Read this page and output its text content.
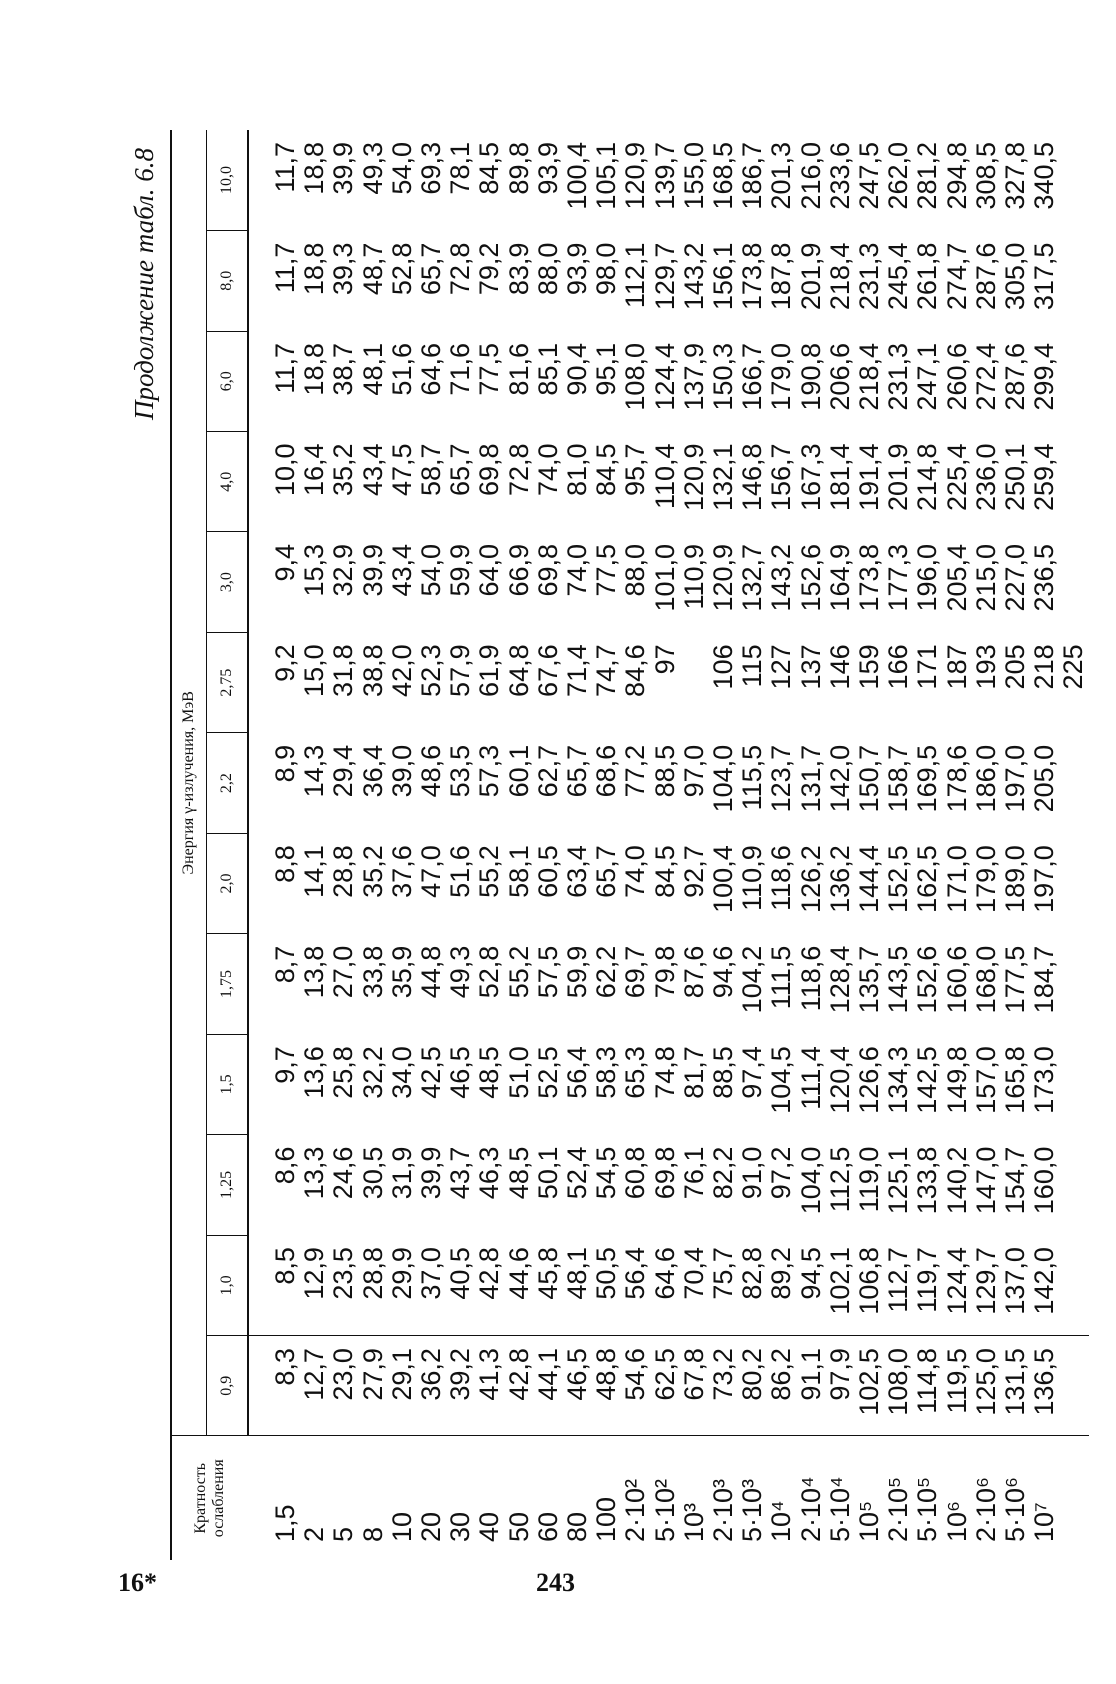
243
16*
Продолжение табл. 6.8
Кратность ослабления	Энергия γ-излучения, МэВ												
	0,9	1,0	1,25	1,5	1,75	2,0	2,2	2,75	3,0	4,0	6,0	8,0	10,0
1,5	8,3	8,5	8,6	9,7	8,7	8,8	8,9	9,2	9,4	10,0	11,7	11,7	11,7
2	12,7	12,9	13,3	13,6	13,8	14,1	14,3	15,0	15,3	16,4	18,8	18,8	18,8
5	23,0	23,5	24,6	25,8	27,0	28,8	29,4	31,8	32,9	35,2	38,7	39,3	39,9
8	27,9	28,8	30,5	32,2	33,8	35,2	36,4	38,8	39,9	43,4	48,1	48,7	49,3
10	29,1	29,9	31,9	34,0	35,9	37,6	39,0	42,0	43,4	47,5	51,6	52,8	54,0
20	36,2	37,0	39,9	42,5	44,8	47,0	48,6	52,3	54,0	58,7	64,6	65,7	69,3
30	39,2	40,5	43,7	46,5	49,3	51,6	53,5	57,9	59,9	65,7	71,6	72,8	78,1
40	41,3	42,8	46,3	48,5	52,8	55,2	57,3	61,9	64,0	69,8	77,5	79,2	84,5
50	42,8	44,6	48,5	51,0	55,2	58,1	60,1	64,8	66,9	72,8	81,6	83,9	89,8
60	44,1	45,8	50,1	52,5	57,5	60,5	62,7	67,6	69,8	74,0	85,1	88,0	93,9
80	46,5	48,1	52,4	56,4	59,9	63,4	65,7	71,4	74,0	81,0	90,4	93,9	100,4
100	48,8	50,5	54,5	58,3	62,2	65,7	68,6	74,7	77,5	84,5	95,1	98,0	105,1
2·10²	54,6	56,4	60,8	65,3	69,7	74,0	77,2	84,6	88,0	95,7	108,0	112,1	120,9
5·10²	62,5	64,6	69,8	74,8	79,8	84,5	88,5	97	101,0	110,4	124,4	129,7	139,7
10³	67,8	70,4	76,1	81,7	87,6	92,7	97,0		110,9	120,9	137,9	143,2	155,0
2·10³	73,2	75,7	82,2	88,5	94,6	100,4	104,0	106	120,9	132,1	150,3	156,1	168,5
5·10³	80,2	82,8	91,0	97,4	104,2	110,9	115,5	115	132,7	146,8	166,7	173,8	186,7
10⁴	86,2	89,2	97,2	104,5	111,5	118,6	123,7	127	143,2	156,7	179,0	187,8	201,3
2·10⁴	91,1	94,5	104,0	111,4	118,6	126,2	131,7	137	152,6	167,3	190,8	201,9	216,0
5·10⁴	97,9	102,1	112,5	120,4	128,4	136,2	142,0	146	164,9	181,4	206,6	218,4	233,6
10⁵	102,5	106,8	119,0	126,6	135,7	144,4	150,7	159	173,8	191,4	218,4	231,3	247,5
2·10⁵	108,0	112,7	125,1	134,3	143,5	152,5	158,7	166	177,3	201,9	231,3	245,4	262,0
5·10⁵	114,8	119,7	133,8	142,5	152,6	162,5	169,5	171	196,0	214,8	247,1	261,8	281,2
10⁶	119,5	124,4	140,2	149,8	160,6	171,0	178,6	187	205,4	225,4	260,6	274,7	294,8
2·10⁶	125,0	129,7	147,0	157,0	168,0	179,0	186,0	193	215,0	236,0	272,4	287,6	308,5
5·10⁶	131,5	137,0	154,7	165,8	177,5	189,0	197,0	205	227,0	250,1	287,6	305,0	327,8
10⁷	136,5	142,0	160,0	173,0	184,7	197,0	205,0	218	236,5	259,4	299,4	317,5	340,5
								225					
